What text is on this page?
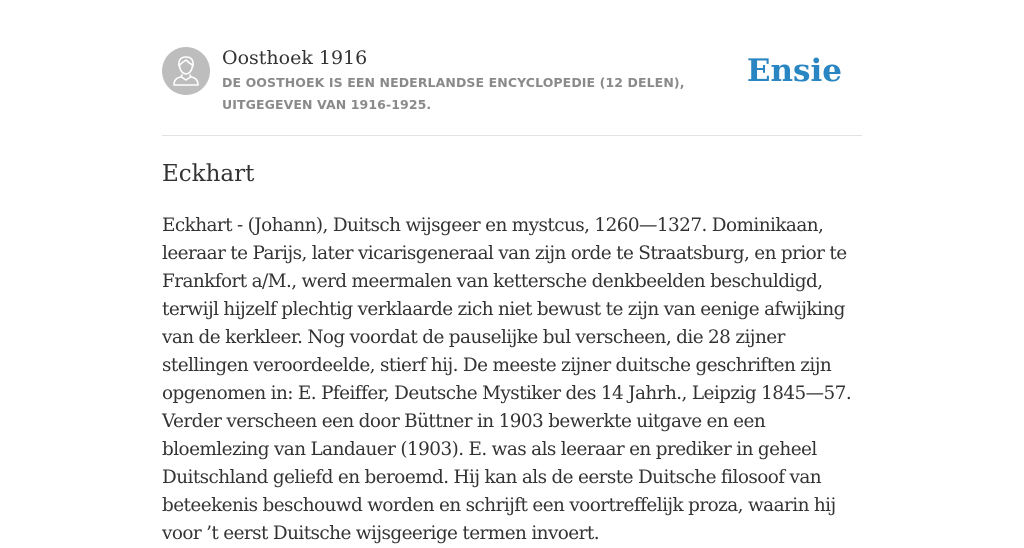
Oosthoek 1916
DE OOSTHOEK IS EEN NEDERLANDSE ENCYCLOPEDIE (12 DELEN), UITGEGEVEN VAN 1916-1925.
Ensie
Eckhart

Eckhart - (Johann), Duitsch wijsgeer en mystcus, 1260—1327. Dominikaan, leeraar te Parijs, later vicarisgeneraal van zijn orde te Straatsburg, en prior te Frankfort a/M., werd meermalen van kettersche denkbeelden beschuldigd, terwijl hijzelf plechtig verklaarde zich niet bewust te zijn van eenige afwijking van de kerkleer. Nog voordat de pauselijke bul verscheen, die 28 zijner stellingen veroordeelde, stierf hij. De meeste zijner duitsche geschriften zijn opgenomen in: E. Pfeiffer, Deutsche Mystiker des 14 Jahrh., Leipzig 1845—57. Verder verscheen een door Büttner in 1903 bewerkte uitgave en een bloemlezing van Landauer (1903). E. was als leeraar en prediker in geheel Duitschland geliefd en beroemd. Hij kan als de eerste Duitsche filosoof van beteekenis beschouwd worden en schrijft een voortreffelijk proza, waarin hij voor ’t eerst Duitsche wijsgeerige termen invoert.
